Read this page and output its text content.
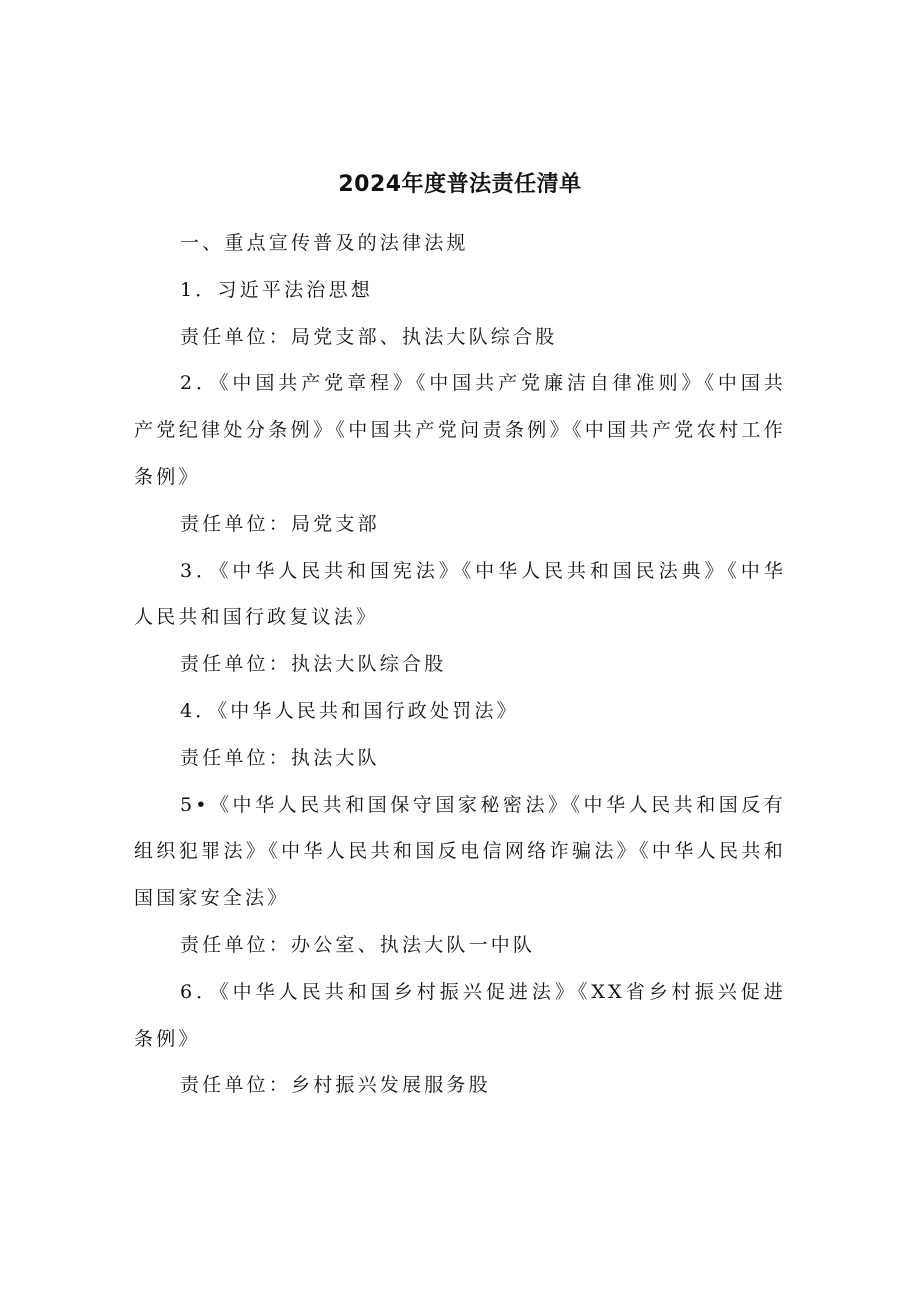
2024年度普法责任清单

一、重点宣传普及的法律法规

1．习近平法治思想

责任单位：局党支部、执法大队综合股

2．《中国共产党章程》《中国共产党廉洁自律准则》《中国共产党纪律处分条例》《中国共产党问责条例》《中国共产党农村工作条例》

责任单位：局党支部

3．《中华人民共和国宪法》《中华人民共和国民法典》《中华人民共和国行政复议法》

责任单位：执法大队综合股

4．《中华人民共和国行政处罚法》

责任单位：执法大队

5•《中华人民共和国保守国家秘密法》《中华人民共和国反有组织犯罪法》《中华人民共和国反电信网络诈骗法》《中华人民共和国国家安全法》

责任单位：办公室、执法大队一中队

6．《中华人民共和国乡村振兴促进法》《XX省乡村振兴促进条例》

责任单位：乡村振兴发展服务股
